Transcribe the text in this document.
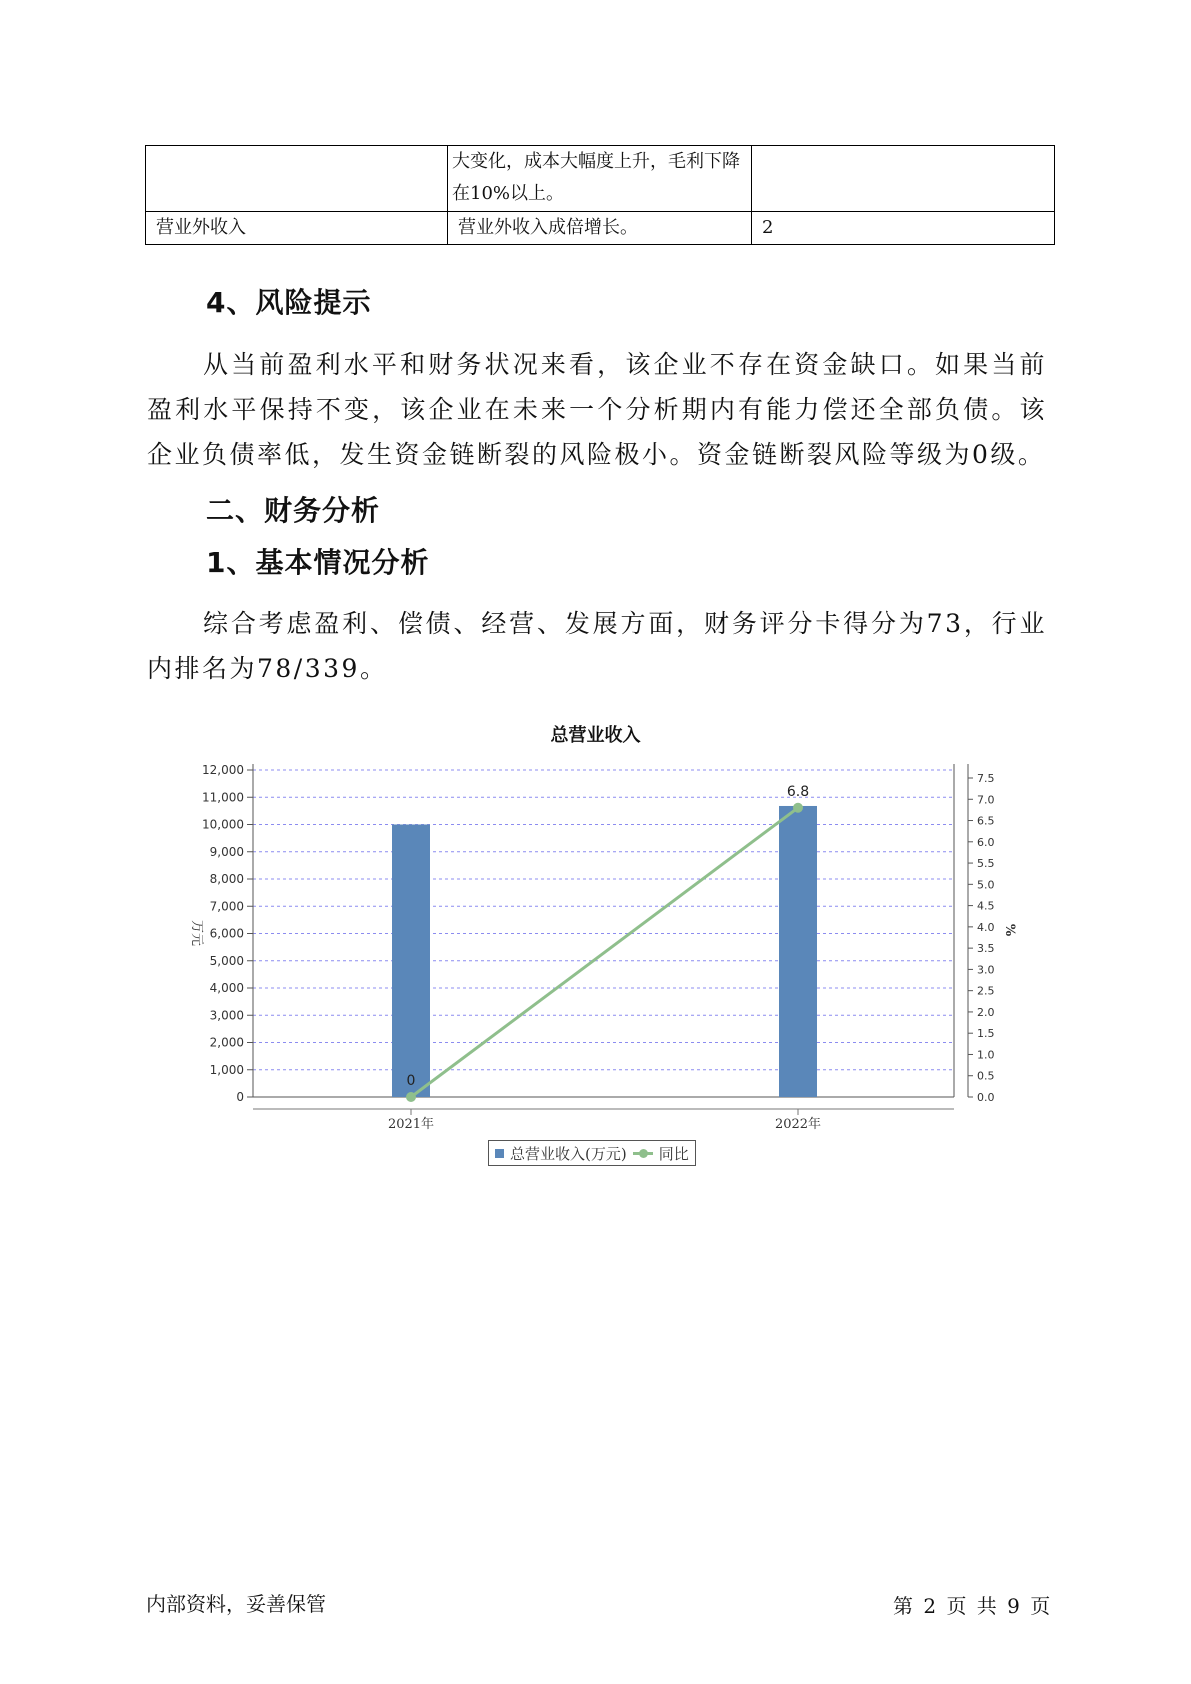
	大变化，成本大幅度上升，毛利下降在10%以上。	
营业外收入	营业外收入成倍增长。	2
4、风险提示
从当前盈利水平和财务状况来看，该企业不存在资金缺口。如果当前盈利水平保持不变，该企业在未来一个分析期内有能力偿还全部负债。该企业负债率低，发生资金链断裂的风险极小。资金链断裂风险等级为0级。
二、财务分析
1、基本情况分析
综合考虑盈利、偿债、经营、发展方面，财务评分卡得分为73，行业内排名为78/339。
总营业收入
0
1,000
2,000
3,000
4,000
5,000
6,000
7,000
8,000
9,000
10,000
11,000
12,000
0.0
0.5
1.0
1.5
2.0
2.5
3.0
3.5
4.0
4.5
5.0
5.5
6.0
6.5
7.0
7.5
万元	%
2021年	2022年
0
6.8
总营业收入(万元) 同比
内部资料，妥善保管	第 2 页 共 9 页
